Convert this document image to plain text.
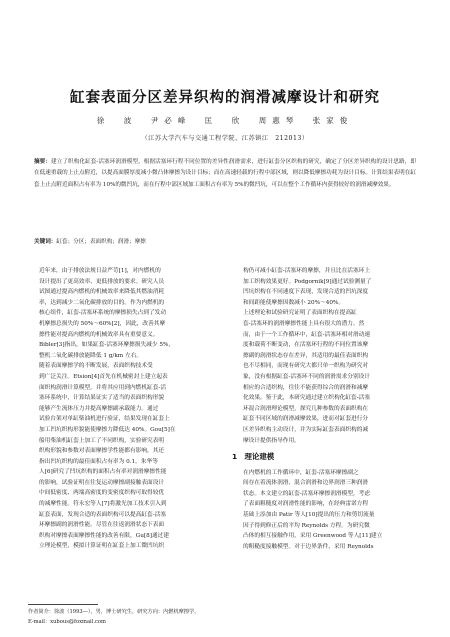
缸套表面分区差异织构的润滑减摩设计和研究
徐　波　尹必峰　匡　欣　周惠琴　张家俊
（江苏大学汽车与交通工程学院，江苏镇江　212013）
摘要：建立了织构化缸套-活塞环润滑模型，根据活塞环行程不同位置的差异性润滑需求，进行缸套分区织构的研究，确定了分区差异织构的设计思路，即在低速重载的上止点附近，以提高面膜厚度减小微凸体摩擦为设计目标；而在高速轻载的行程中部区域，则以降低摩擦功耗为设计目标。计算结果表明在缸套上止点附近面积占有率为 10%的微凹坑，而在行程中部区域加工面积占有率为 5%的微凹坑，可以在整个工作循环内获得较好的润滑减摩效果。
关键词：缸套；分区；表面织构；润滑；摩擦

近年来，由于排放法规日益严苛[1]，对内燃机的
设计提出了更高效率、更低排放的要求。研究人员
试图通过提高内燃机的机械效率来降低其燃油消耗
率，达到减少二氧化碳排放的目的。作为内燃机的
核心组件，缸套-活塞环系统的摩擦损失占到了发动
机摩擦总损失的 50%～60%[2]，因此，改善其摩
擦性能对提高内燃机的机械效率具有重要意义。
Bibler[3]指出，如果缸套-活塞环摩擦损失减少 5%，
整机二氧化碳排放能降低 1 g/km 左右。

随着表面摩擦学的不断发展，表面织构技术受
到广泛关注。Etsion[4]首先在机械密封上建立起表
面织构润滑计算模型，并将其应用到内燃机缸套-活
塞环系统中，计算结果证实了适当的表面织构形貌
能够产生流体压力并提高摩擦副承载能力。通过
试验台架对单缸柴油机进行验证，结果发现在缸套上
加工凹坑织构形貌能使摩擦力降低达 40%。Gou[5]在
船用柴油机缸套上加工了不同织构，实验研究表明
织构形貌和参数对表面摩擦学性能都有影响，其还
指出凹坑织构的最佳面积占有率为 0.1。朱华等
人[6]研究了凹坑织构的面积占有率对润滑摩擦性能
的影响，试验证明在往复运动摩擦副接触表面设计
中间低密度、两端高密度的变密度织构可取得较优
的减摩性能。符永宏等人[7]将激光加工技术引入到
缸套表面，发现合适的表面织构可以提高缸套-活塞
环摩擦副的润滑性能。尽管在往返润滑状态下表面
织构对摩擦表面摩擦性能的改善有限，Gu[8]通过建
立理论模型，模拟计算证明在缸套上加工微凹坑织

构仍可减小缸套-活塞环的摩擦，并且比在活塞环上
加工织构效果更好。Podgornik[9]通过试验测量了
凹坑织构在不同速度下表现，发现合适的凹坑深度
和间距能使摩擦因数减小 20%～40%。

上述理论和试验研究证明了表面织构在提高缸
套-活塞环的润滑摩擦性能上具有很大的潜力。然
而，由于一个工作循环中，缸套-活塞环相对滑动速
度和载荷不断变动，在活塞环行程的不同位置该摩
擦副的润滑状态存在差异，其适用的最佳表面织构
也不尽相同，而现有研究大都只单一织构为研究对
象，没有根据缸套-活塞环不同的润滑需求分别设计
相应的合适织构，往往不能获得综合的润滑和减摩
化效果。鉴于此，本研究通过建立织构化缸套-活塞
环混合润滑理论模型，探究几种参数的表面织构在
缸套不同区域的润滑减摩效果，进而对缸套进行分
区差异织构主动设计，并为实际缸套表面织构的减
摩设计提供指导作用。

1　理论建模

在内燃机的工作循环中，缸套-活塞环摩擦副之
间存在着流体润滑、混合润滑和边界润滑三种润滑
状态。本文建立的缸套-活塞环摩擦润滑模型，考虑
了表面粗糙度对润滑性能的影响，在经典雷诺方程
基础上添加由 Patir 等人[10]提出的压力和剪切流量
因子得到修正后的平均 Reynolds 方程。为研究微
凸体的相互接触作用，采用 Greenwood 等人[11]建立
的粗糙度接触模型。对于边界条件，采用 Reynolds

作者简介：徐波（1993—），男，博士研究生，研究方向：内燃机摩擦学。
E-mail：xubous@foxmail.com
